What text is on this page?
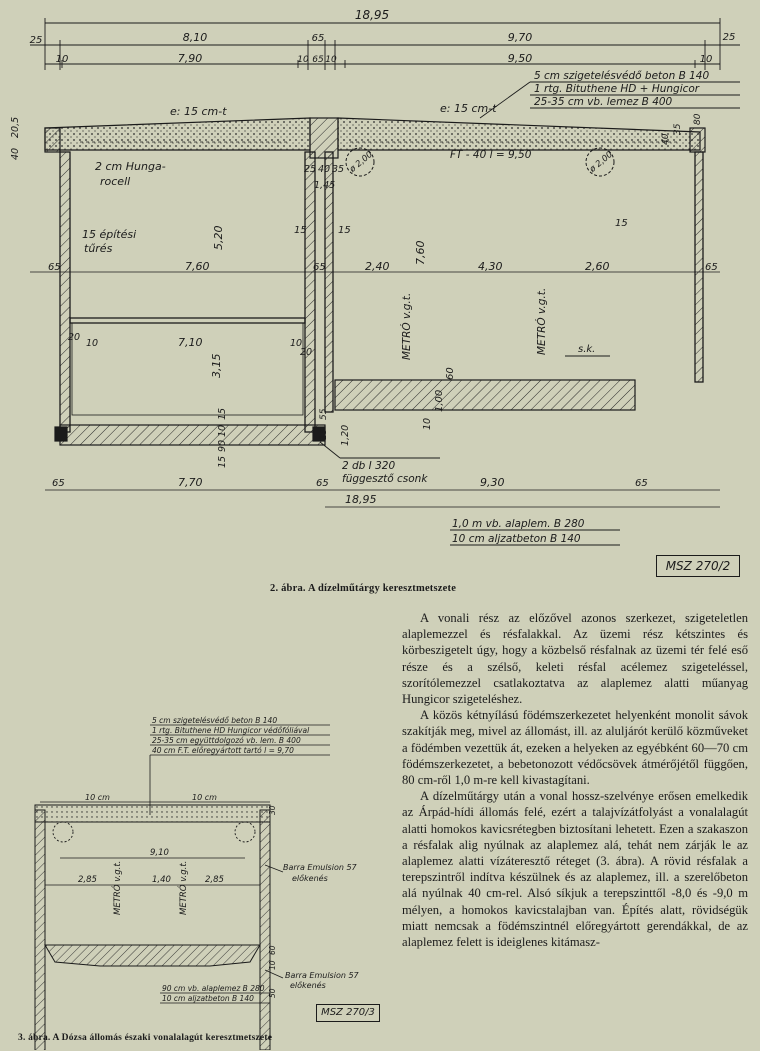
18,95
25	8,10	65	9,70	25
10	7,90	10 65 10	9,50	10
5 cm szigetelésvédő beton B 140
1 rtg. Bituthene HD + Hungicor
25-35 cm vb. lemez B 400
e: 15 cm-t	e: 15 cm-t
40
20,5
40
35
80
FT - 40 l = 9,50
ø 2,00	ø 2,00
2 cm Hunga-
rocell
25 40 35
1,45
15 építési
tűrés	5,20	15	15
15
65	7,60	65	2,40	4,30	2,60	65
7,60
METRÓ v.g.t.	METRÓ v.g.t.
20
10	7,10	10
20
3,15	60
10
s.k.
15
10
90
15
1,20
55
15
2 db I 320
függesztő csonk
65	7,70	65	9,30	65
18,95
1,0 m vb. alaplem. B 280
10 cm aljzatbeton B 140
MSZ 270/2
2. ábra. A dízelműtárgy keresztmetszete
5 cm szigetelésvédő beton B 140
1 rtg. Bituthene HD Hungicor védőfóliával
25-35 cm együttdolgozó vb. lem. B 400
40 cm F.T. előregyártott tartó l = 9,70
10 cm	10 cm
9,10
2,85	1,40	2,85
METRÓ v.g.t.	METRÓ v.g.t.
30
60
10
50
Barra Emulsion 57
előkenés
Barra Emulsion 57
előkenés
90 cm vb. alaplemez B 280
10 cm aljzatbeton B 140
MSZ 270/3
3. ábra. A Dózsa állomás északi vonalalagút keresztmetszete

A vonali rész az előzővel azonos szerkezet, szigeteletlen alaplemezzel és résfalakkal. Az üzemi rész kétszintes és körbeszigetelt úgy, hogy a közbelső résfalnak az üzemi tér felé eső része és a szélső, keleti résfal acélemez szigeteléssel, szorítólemezzel csatlakoztatva az alaplemez alatti műanyag Hungicor szigeteléshez.

A közös kétnyílású födémszerkezetet helyenként monolit sávok szakítják meg, mivel az állomást, ill. az aluljárót kerülő közműveket a födémben vezettük át, ezeken a helyeken az egyébként 60—70 cm födémszerkezetet, a bebetonozott védőcsövek átmérőjétől függően, 80 cm-ről 1,0 m-re kell kivastagítani.

A dízelműtárgy után a vonal hossz-szelvénye erősen emelkedik az Árpád-hídi állomás felé, ezért a talajvízátfolyást a vonalalagút alatti homokos kavicsrétegben biztosítani lehetett. Ezen a szakaszon a résfalak alig nyúlnak az alaplemez alá, tehát nem zárják le az alaplemez alatti vízáteresztő réteget (3. ábra). A rövid résfalak a terepszintről indítva készülnek és az alaplemez, ill. a szerelőbeton alá nyúlnak 40 cm-rel. Alsó síkjuk a terepszinttől -8,0 és -9,0 m mélyen, a homokos kavicstalajban van. Építés alatt, rövidségük miatt nemcsak a födémszintnél előregyártott gerendákkal, de az alaplemez felett is ideiglenes kitámasz-
